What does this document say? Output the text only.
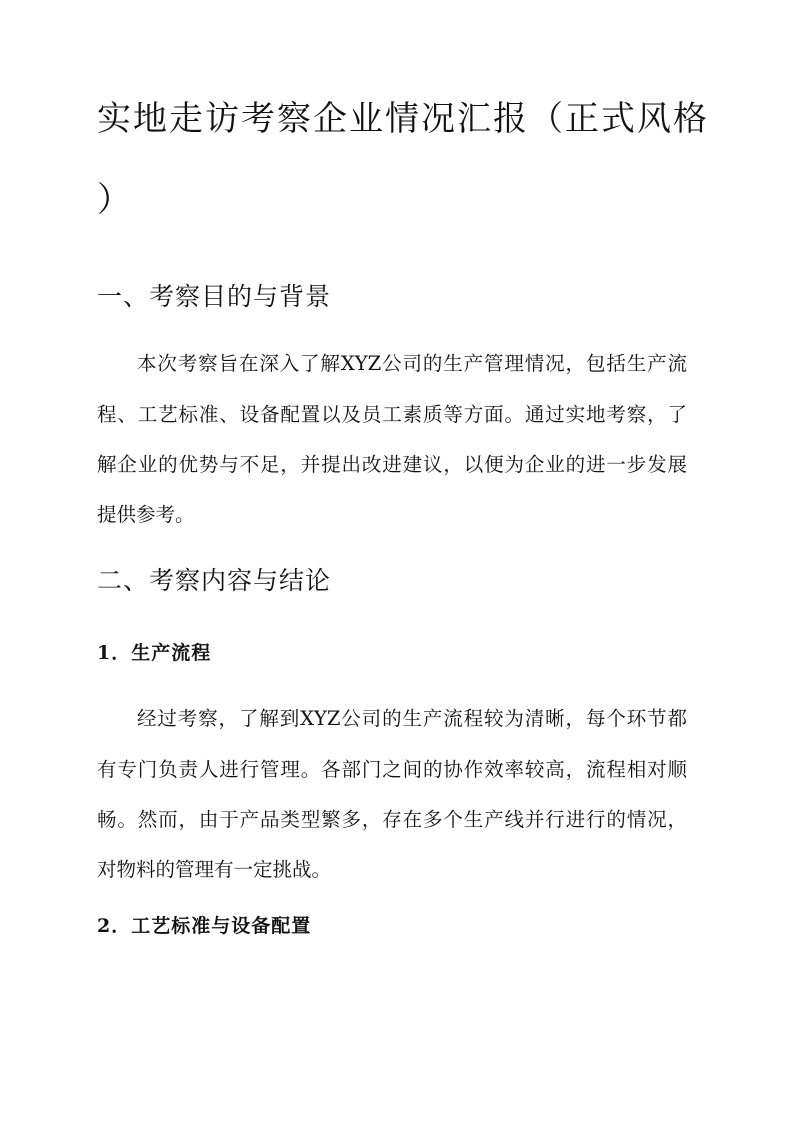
实地走访考察企业情况汇报（正式风格
）
一、考察目的与背景

本次考察旨在深入了解XYZ公司的生产管理情况，包括生产流

程、工艺标准、设备配置以及员工素质等方面。通过实地考察，了

解企业的优势与不足，并提出改进建议，以便为企业的进一步发展

提供参考。

二、考察内容与结论
1．生产流程

经过考察，了解到XYZ公司的生产流程较为清晰，每个环节都

有专门负责人进行管理。各部门之间的协作效率较高，流程相对顺

畅。然而，由于产品类型繁多，存在多个生产线并行进行的情况，

对物料的管理有一定挑战。

2．工艺标准与设备配置
